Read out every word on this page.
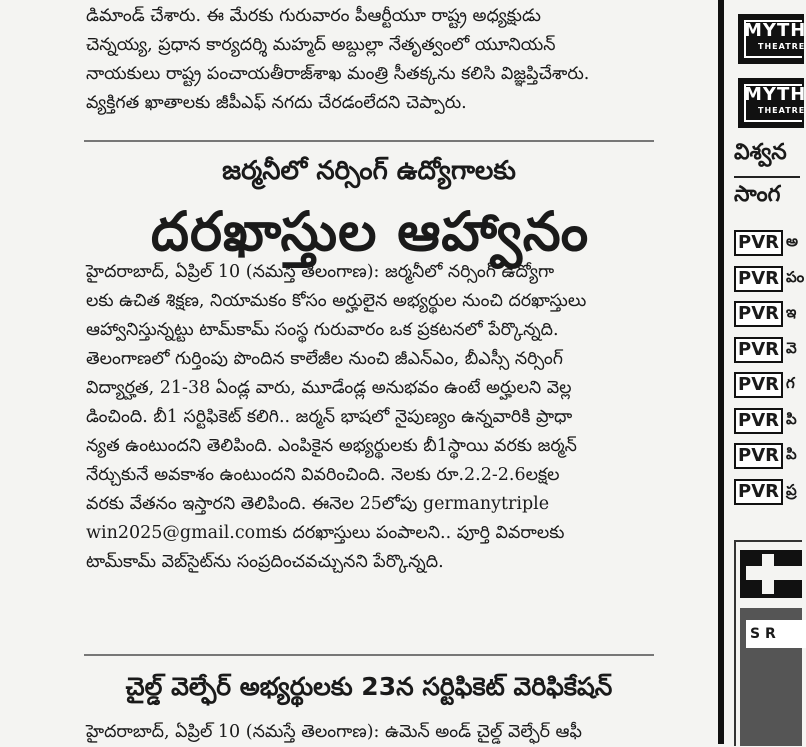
డిమాండ్ చేశారు. ఈ మేరకు గురువారం పీఆర్టీయూ రాష్ట్ర అధ్యక్షుడు
చెన్నయ్య, ప్రధాన కార్యదర్శి మహ్మద్ అబ్దుల్లా నేతృత్వంలో యూనియన్
నాయకులు రాష్ట్ర పంచాయతీరాజ్‌శాఖ మంత్రి సీతక్కను కలిసి విజ్ఞప్తిచేశారు.
వ్యక్తిగత ఖాతాలకు జీపీఎఫ్ నగదు చేరడంలేదని చెప్పారు.

జర్మనీలో నర్సింగ్ ఉద్యోగాలకు
దరఖాస్తుల ఆహ్వానం

హైదరాబాద్, ఏప్రిల్ 10 (నమస్తే తెలంగాణ): జర్మనీలో నర్సింగ్ ఉద్యోగా
లకు ఉచిత శిక్షణ, నియామకం కోసం అర్హులైన అభ్యర్థుల నుంచి దరఖాస్తులు
ఆహ్వానిస్తున్నట్టు టామ్‌కామ్ సంస్థ గురువారం ఒక ప్రకటనలో పేర్కొన్నది.
తెలంగాణలో గుర్తింపు పొందిన కాలేజీల నుంచి జీఎన్ఎం, బీఎస్సీ నర్సింగ్
విద్యార్హత, 21-38 ఏండ్ల వారు, మూడేండ్ల అనుభవం ఉంటే అర్హులని వెల్ల
డించింది. బీ1 సర్టిఫికెట్ కలిగి.. జర్మన్ భాషలో నైపుణ్యం ఉన్నవారికి ప్రాధా
న్యత ఉంటుందని తెలిపింది. ఎంపికైన అభ్యర్థులకు బీ1స్థాయి వరకు జర్మన్
నేర్చుకునే అవకాశం ఉంటుందని వివరించింది. నెలకు రూ.2.2-2.6లక్షల
వరకు వేతనం ఇస్తారని తెలిపింది. ఈనెల 25లోపు germanytriple
win2025@gmail.comకు దరఖాస్తులు పంపాలని.. పూర్తి వివరాలకు
టామ్‌కామ్ వెబ్‌సైట్‌ను సంప్రదించవచ్చునని పేర్కొన్నది.

చైల్డ్ వెల్ఫేర్ అభ్యర్థులకు 23న సర్టిఫికెట్ వెరిఫికేషన్

హైదరాబాద్, ఏప్రిల్ 10 (నమస్తే తెలంగాణ): ఉమెన్ అండ్ చైల్డ్ వెల్ఫేర్ ఆఫీ

MYTH
THEATRE
MYTH
THEATRE
విశ్వన
సాంగ
PVR అ
PVR పం
PVR ఇ
PVR వె
PVR గ
PVR పి
PVR పి
PVR ప్ర
S R
